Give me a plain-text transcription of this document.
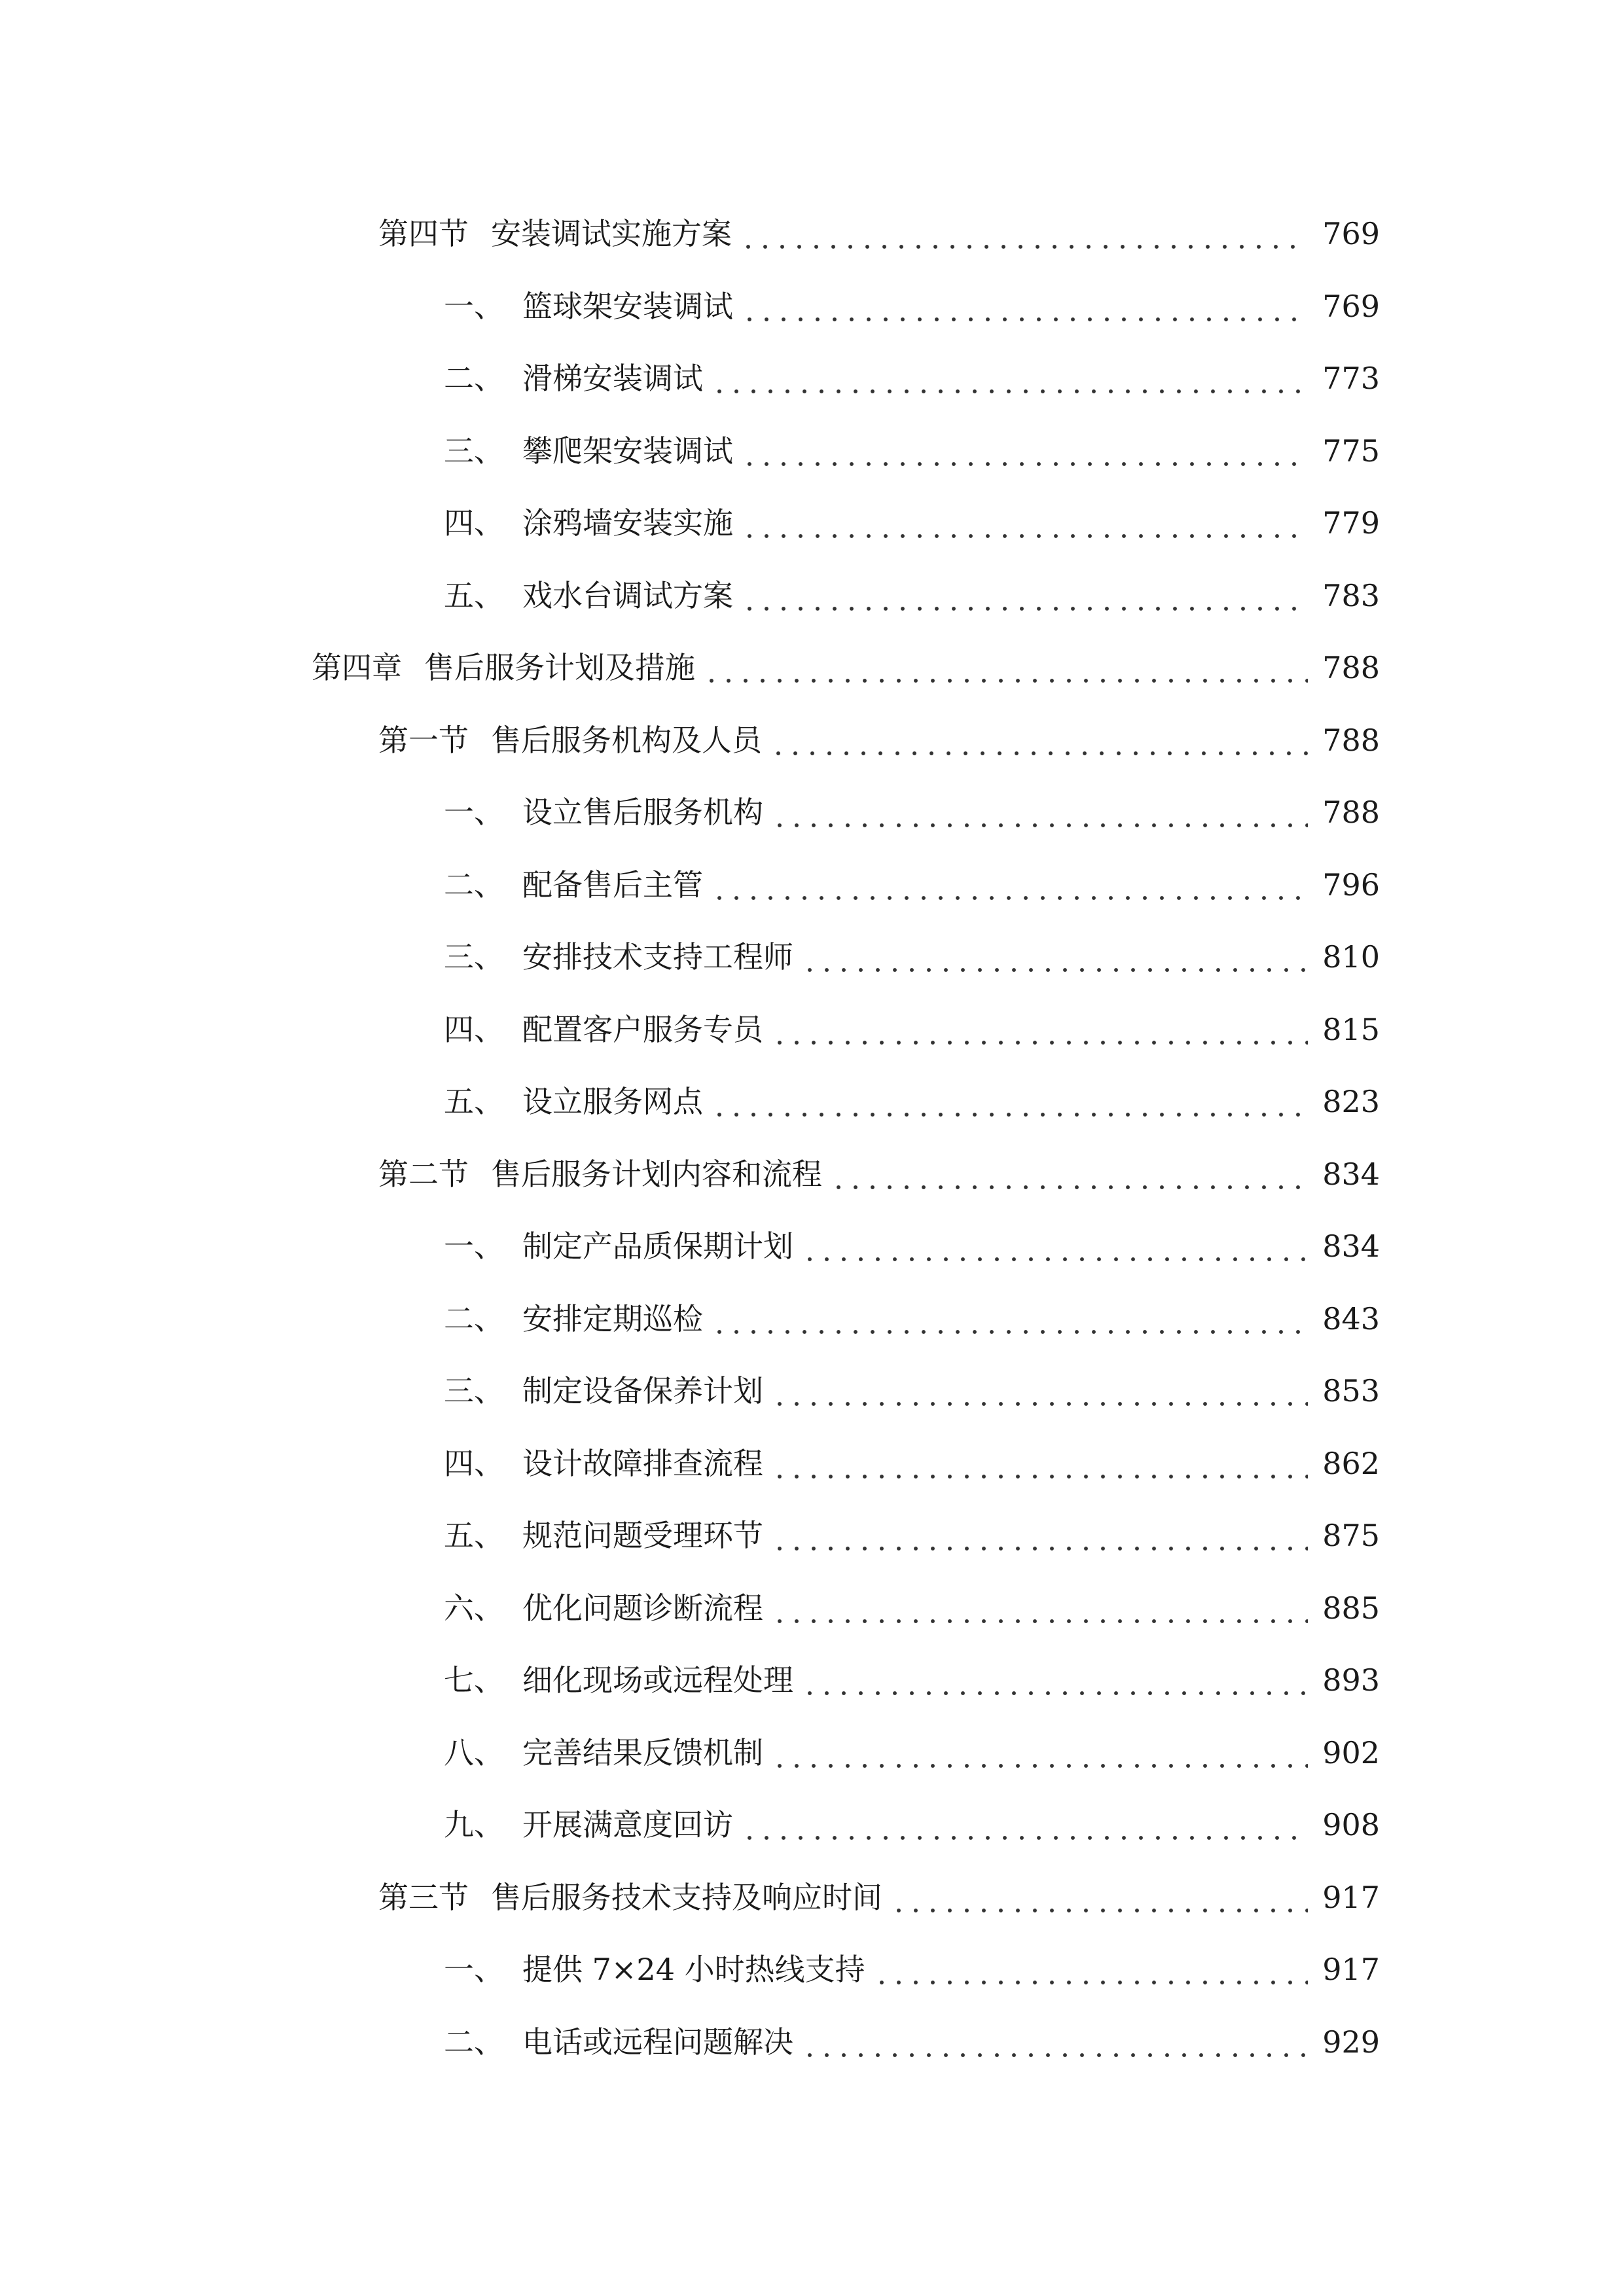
第四节 安装调试实施方案	769
一、 篮球架安装调试	769
二、 滑梯安装调试	773
三、 攀爬架安装调试	775
四、 涂鸦墙安装实施	779
五、 戏水台调试方案	783
第四章 售后服务计划及措施	788
第一节 售后服务机构及人员	788
一、 设立售后服务机构	788
二、 配备售后主管	796
三、 安排技术支持工程师	810
四、 配置客户服务专员	815
五、 设立服务网点	823
第二节 售后服务计划内容和流程	834
一、 制定产品质保期计划	834
二、 安排定期巡检	843
三、 制定设备保养计划	853
四、 设计故障排查流程	862
五、 规范问题受理环节	875
六、 优化问题诊断流程	885
七、 细化现场或远程处理	893
八、 完善结果反馈机制	902
九、 开展满意度回访	908
第三节 售后服务技术支持及响应时间	917
一、 提供 7×24 小时热线支持	917
二、 电话或远程问题解决	929
